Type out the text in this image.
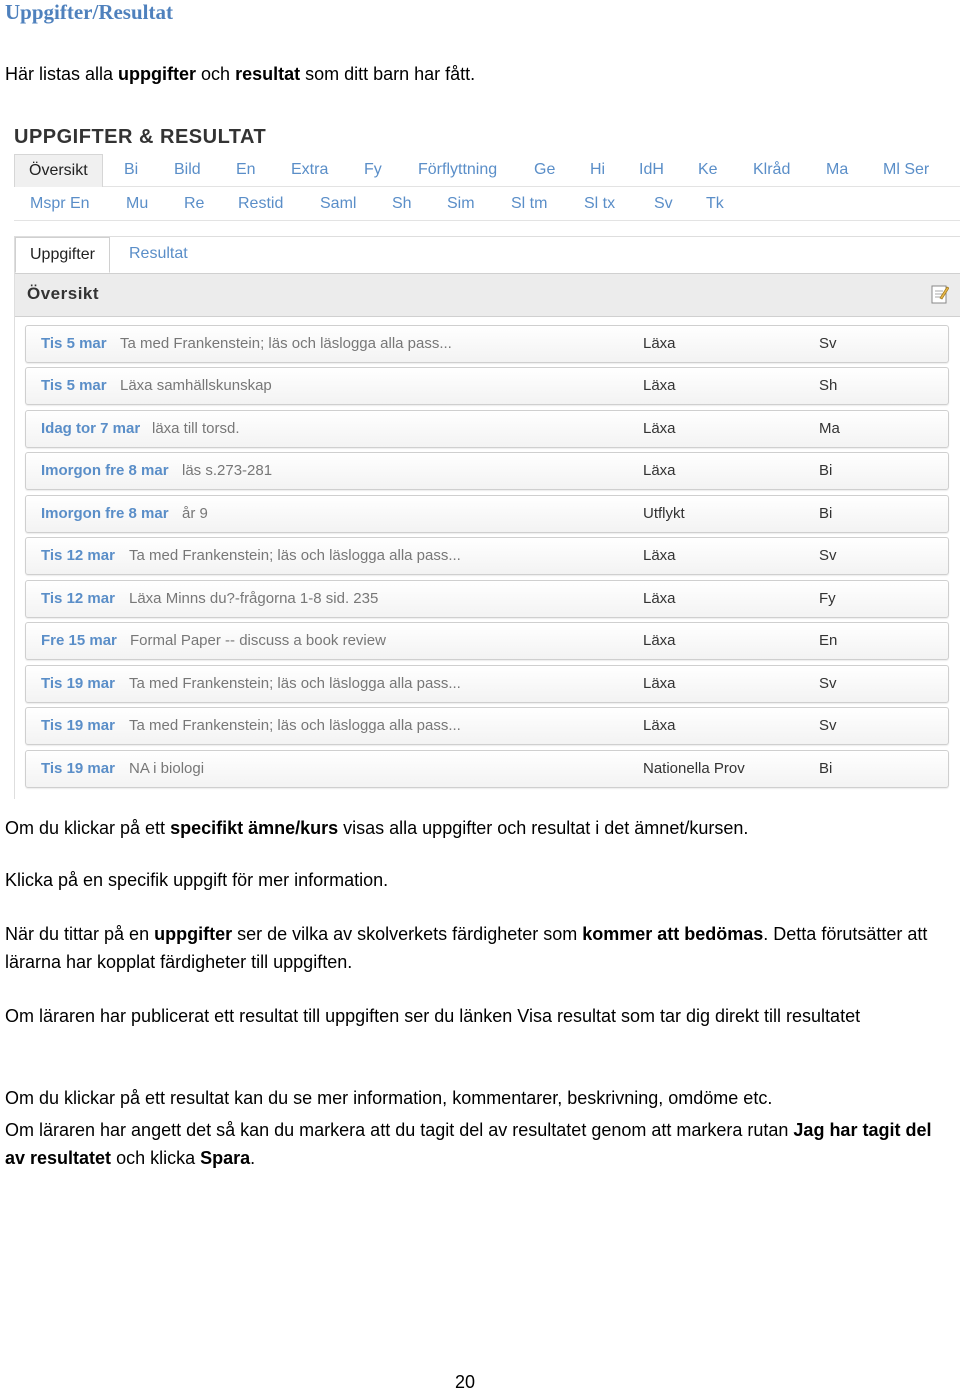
Uppgifter/Resultat
Här listas alla uppgifter och resultat som ditt barn har fått.
UPPGIFTER & RESULTAT
Översikt	Bi Bild En Extra Fy Förflyttning Ge Hi IdH Ke Klråd Ma Ml Ser
Mspr En Mu Re Restid Saml Sh Sim Sl tm Sl tx Sv Tk
Uppgifter	Resultat
Översikt
Tis 5 mar Ta med Frankenstein; läs och läslogga alla pass...	Läxa	Sv
Tis 5 mar Läxa samhällskunskap	Läxa	Sh
Idag tor 7 mar läxa till torsd.	Läxa	Ma
Imorgon fre 8 mar läs s.273-281	Läxa	Bi
Imorgon fre 8 mar år 9	Utflykt	Bi
Tis 12 mar Ta med Frankenstein; läs och läslogga alla pass...	Läxa	Sv
Tis 12 mar Läxa Minns du?-frågorna 1-8 sid. 235	Läxa	Fy
Fre 15 mar Formal Paper -- discuss a book review	Läxa	En
Tis 19 mar Ta med Frankenstein; läs och läslogga alla pass...	Läxa	Sv
Tis 19 mar Ta med Frankenstein; läs och läslogga alla pass...	Läxa	Sv
Tis 19 mar NA i biologi	Nationella Prov	Bi
Om du klickar på ett specifikt ämne/kurs visas alla uppgifter och resultat i det ämnet/kursen.
Klicka på en specifik uppgift för mer information.
När du tittar på en uppgifter ser de vilka av skolverkets färdigheter som kommer att bedömas. Detta förutsätter att lärarna har kopplat färdigheter till uppgiften.
Om läraren har publicerat ett resultat till uppgiften ser du länken Visa resultat som tar dig direkt till resultatet
Om du klickar på ett resultat kan du se mer information, kommentarer, beskrivning, omdöme etc.
Om läraren har angett det så kan du markera att du tagit del av resultatet genom att markera rutan Jag har tagit del av resultatet och klicka Spara.
20
